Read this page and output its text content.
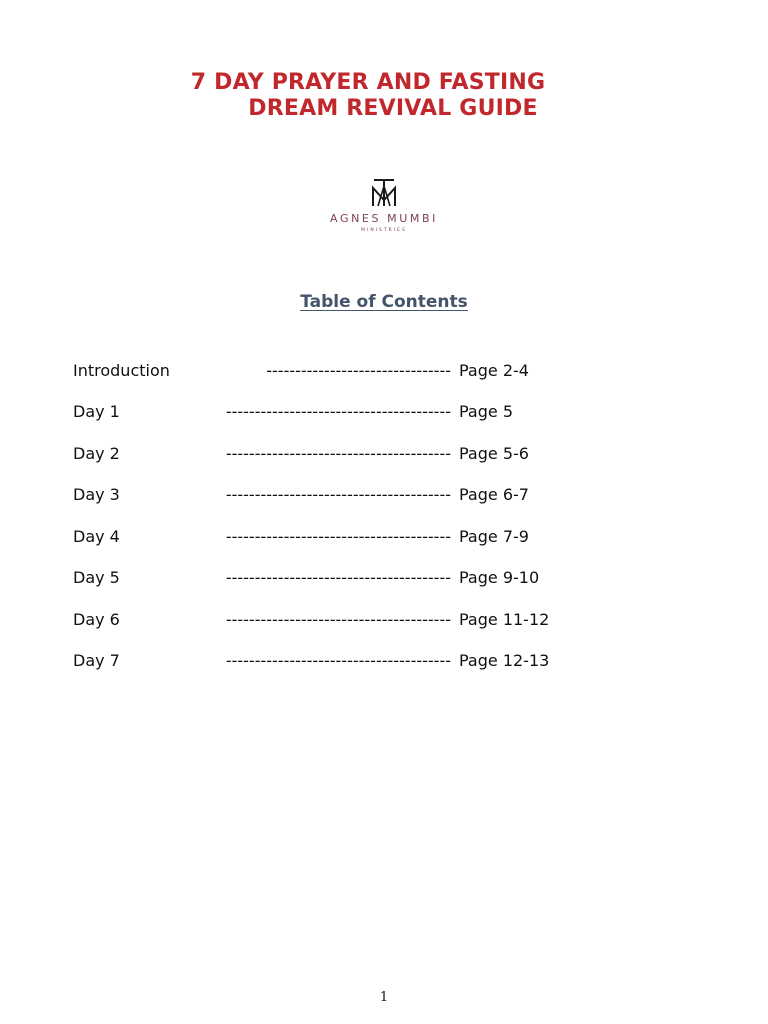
7 DAY PRAYER AND FASTING
DREAM REVIVAL GUIDE
AGNES MUMBI
MINISTRIES
Table of Contents
Introduction	-------------------------------- Page 2-4
Day 1	--------------------------------------- Page 5
Day 2	--------------------------------------- Page 5-6
Day 3	--------------------------------------- Page 6-7
Day 4	--------------------------------------- Page 7-9
Day 5	--------------------------------------- Page 9-10
Day 6	--------------------------------------- Page 11-12
Day 7	--------------------------------------- Page 12-13
1
